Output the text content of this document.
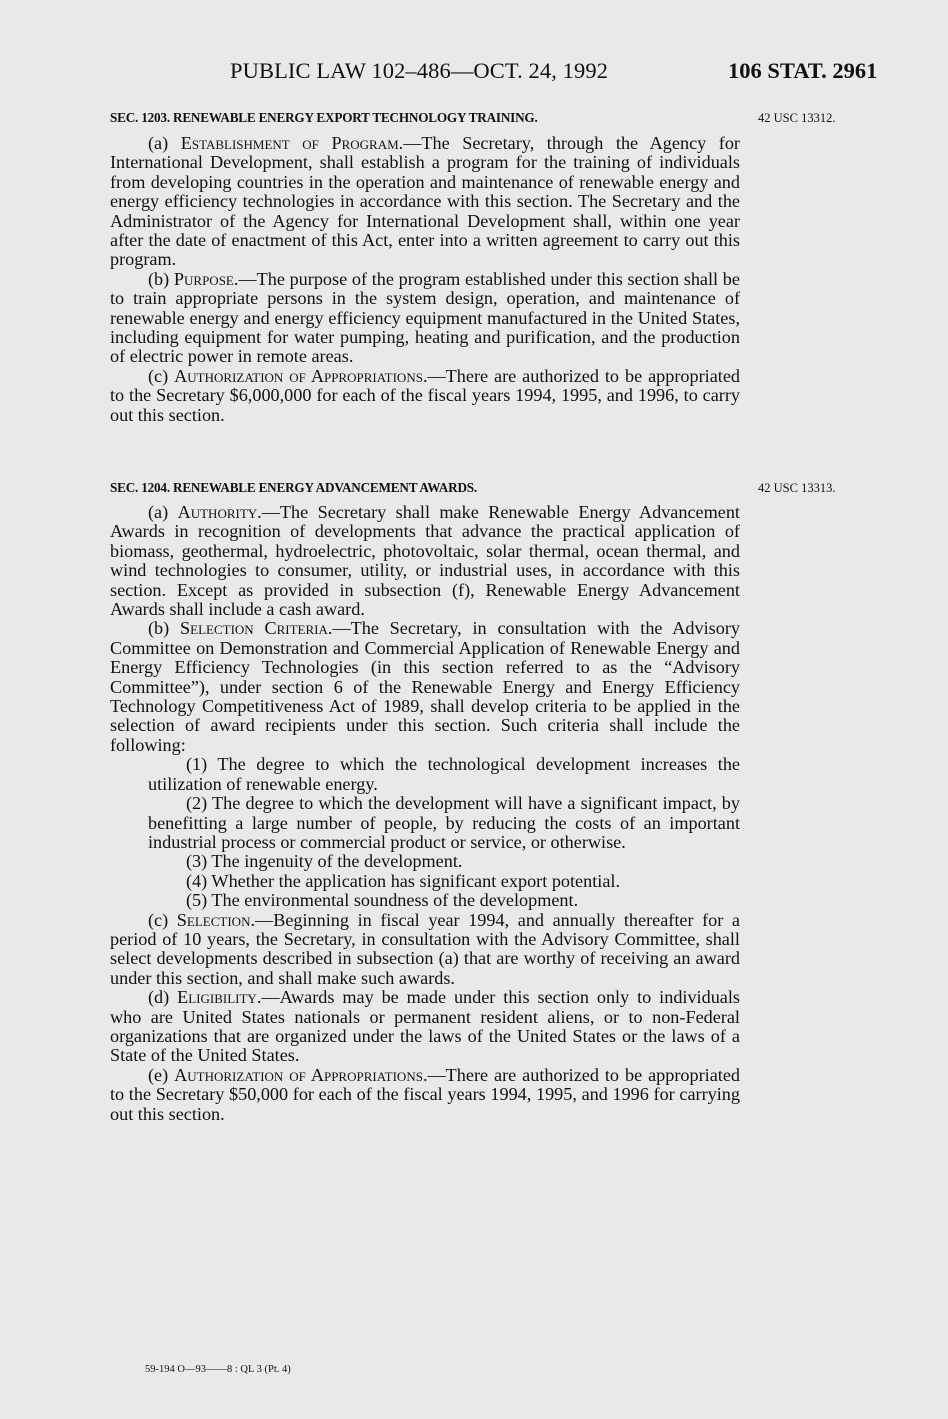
PUBLIC LAW 102–486—OCT. 24, 1992	106 STAT. 2961
SEC. 1203. RENEWABLE ENERGY EXPORT TECHNOLOGY TRAINING.	42 USC 13312.

(a) Establishment of Program.—The Secretary, through the Agency for International Development, shall establish a program for the training of individuals from developing countries in the operation and maintenance of renewable energy and energy efficiency technologies in accordance with this section. The Secretary and the Administrator of the Agency for International Development shall, within one year after the date of enactment of this Act, enter into a written agreement to carry out this program.

(b) Purpose.—The purpose of the program established under this section shall be to train appropriate persons in the system design, operation, and maintenance of renewable energy and energy efficiency equipment manufactured in the United States, including equipment for water pumping, heating and purification, and the production of electric power in remote areas.

(c) Authorization of Appropriations.—There are authorized to be appropriated to the Secretary $6,000,000 for each of the fiscal years 1994, 1995, and 1996, to carry out this section.

SEC. 1204. RENEWABLE ENERGY ADVANCEMENT AWARDS.	42 USC 13313.

(a) Authority.—The Secretary shall make Renewable Energy Advancement Awards in recognition of developments that advance the practical application of biomass, geothermal, hydroelectric, photovoltaic, solar thermal, ocean thermal, and wind technologies to consumer, utility, or industrial uses, in accordance with this section. Except as provided in subsection (f), Renewable Energy Advancement Awards shall include a cash award.

(b) Selection Criteria.—The Secretary, in consultation with the Advisory Committee on Demonstration and Commercial Application of Renewable Energy and Energy Efficiency Technologies (in this section referred to as the “Advisory Committee”), under section 6 of the Renewable Energy and Energy Efficiency Technology Competitiveness Act of 1989, shall develop criteria to be applied in the selection of award recipients under this section. Such criteria shall include the following:

(1) The degree to which the technological development increases the utilization of renewable energy.

(2) The degree to which the development will have a significant impact, by benefitting a large number of people, by reducing the costs of an important industrial process or commercial product or service, or otherwise.

(3) The ingenuity of the development.

(4) Whether the application has significant export potential.

(5) The environmental soundness of the development.

(c) Selection.—Beginning in fiscal year 1994, and annually thereafter for a period of 10 years, the Secretary, in consultation with the Advisory Committee, shall select developments described in subsection (a) that are worthy of receiving an award under this section, and shall make such awards.

(d) Eligibility.—Awards may be made under this section only to individuals who are United States nationals or permanent resident aliens, or to non-Federal organizations that are organized under the laws of the United States or the laws of a State of the United States.

(e) Authorization of Appropriations.—There are authorized to be appropriated to the Secretary $50,000 for each of the fiscal years 1994, 1995, and 1996 for carrying out this section.

59-194 O—93——8 : QL 3 (Pt. 4)
